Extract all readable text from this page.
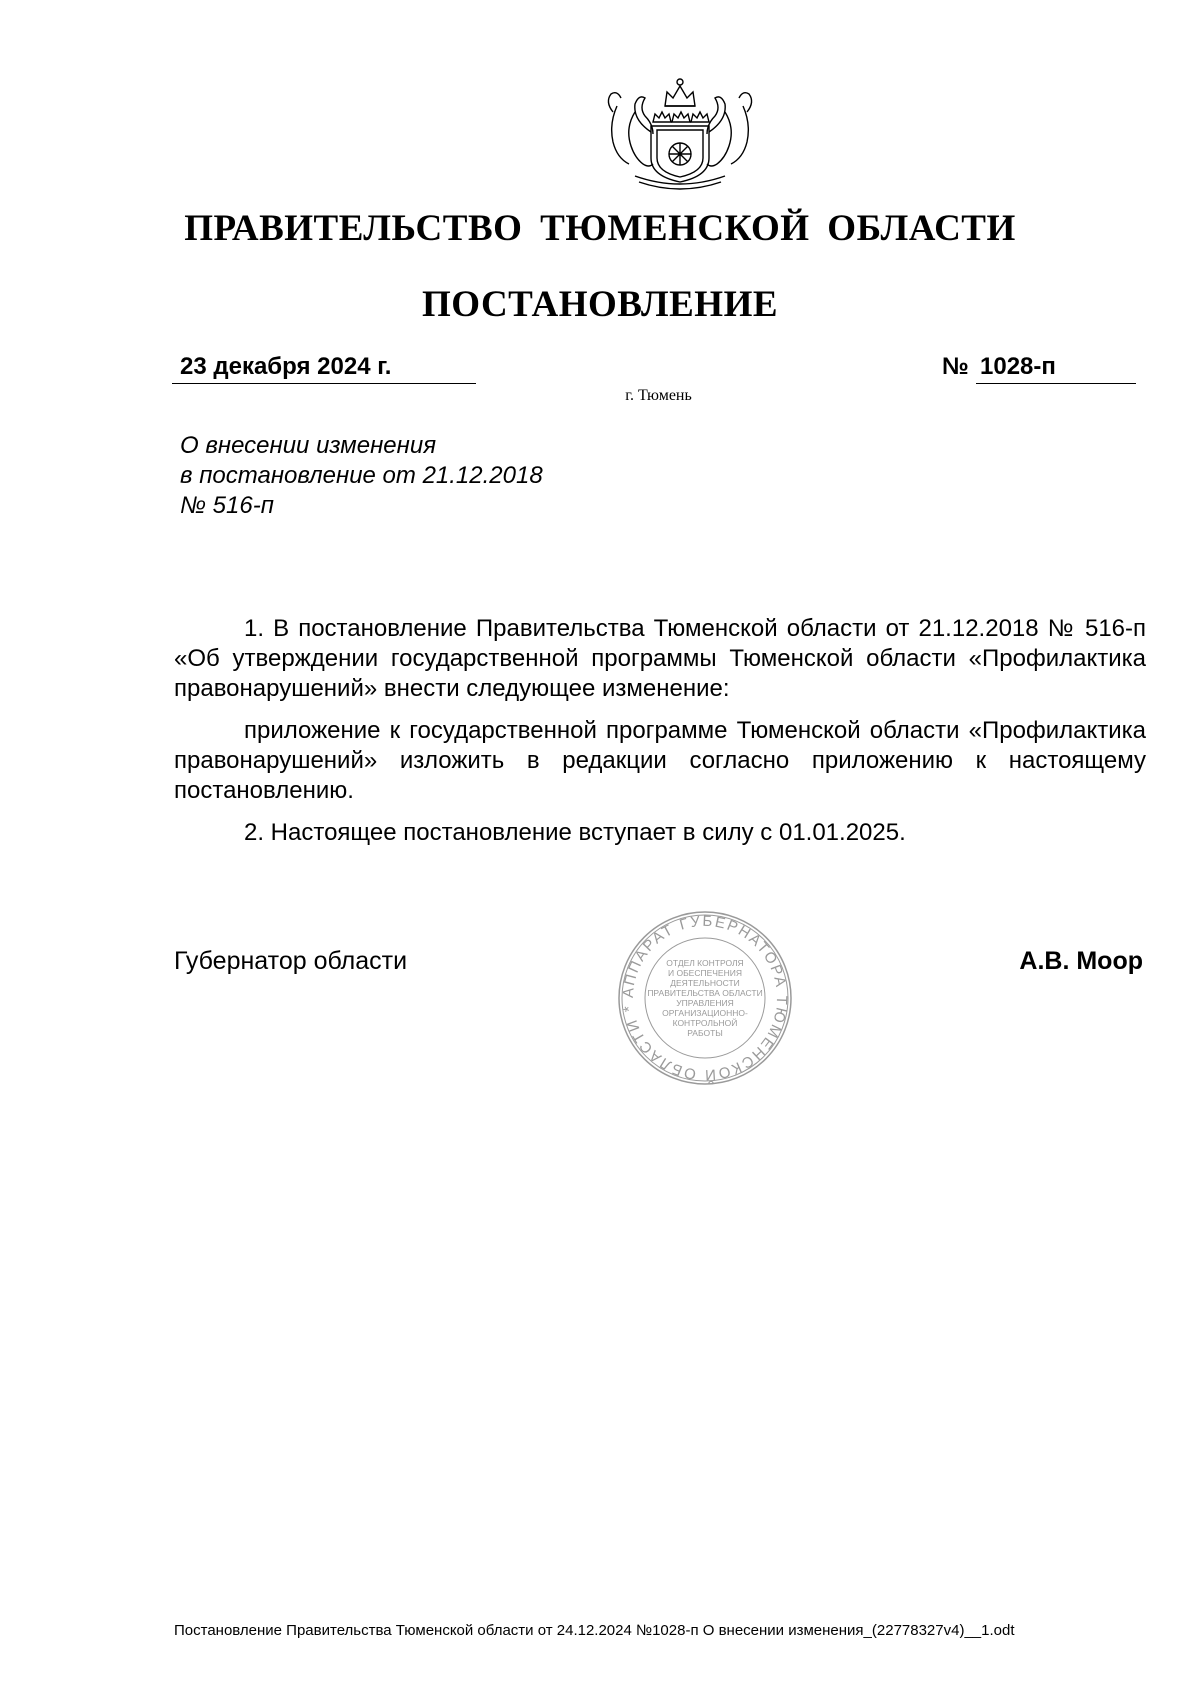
ПРАВИТЕЛЬСТВО ТЮМЕНСКОЙ ОБЛАСТИ
ПОСТАНОВЛЕНИЕ
23 декабря 2024 г.	№ 1028-п
г. Тюмень
О внесении изменения
в постановление от 21.12.2018
№ 516-п

1. В постановление Правительства Тюменской области от 21.12.2018 № 516-п «Об утверждении государственной программы Тюменской области «Профилактика правонарушений» внести следующее изменение:

приложение к государственной программе Тюменской области «Профилактика правонарушений» изложить в редакции согласно приложению к настоящему постановлению.

2. Настоящее постановление вступает в силу с 01.01.2025.

Губернатор области
АППАРАТ ГУБЕРНАТОРА ТЮМЕНСКОЙ ОБЛАСТИ *
ОТДЕЛ КОНТРОЛЯ
И ОБЕСПЕЧЕНИЯ
ДЕЯТЕЛЬНОСТИ
ПРАВИТЕЛЬСТВА ОБЛАСТИ
УПРАВЛЕНИЯ
ОРГАНИЗАЦИОННО-
КОНТРОЛЬНОЙ
РАБОТЫ
А.В. Моор
Постановление Правительства Тюменской области от 24.12.2024 №1028-п О внесении изменения_(22778327v4)__1.odt
